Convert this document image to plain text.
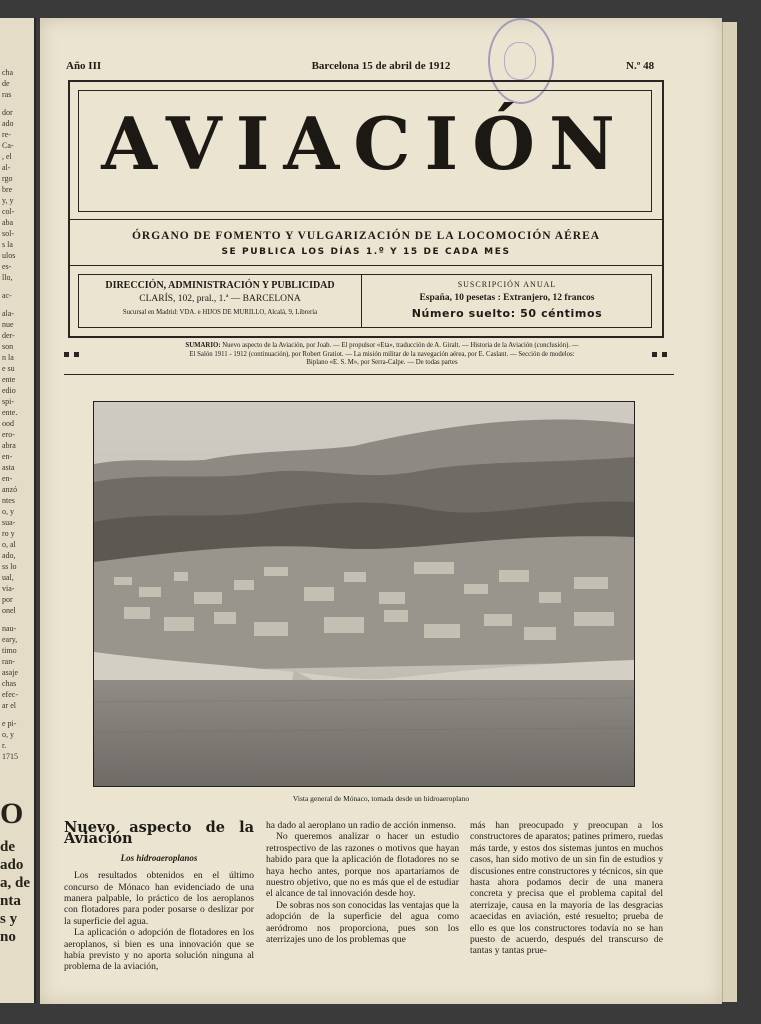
cha
de
ras
dor
ado
re-
Ca-
, el
al-
rgo
bre
y, y
col-
aba
sol-
s la
ulos
es-
llo,
ac-
ala-
nue
der-
son
n la
e su
ente
edio
spi-
ente.
ood
ero-
abra
en-
asta
en-
anzó
ntes
o, y
sua-
ro y
o, al
ado,
ss lo
ual,
via-
por
onel
nau-
eary,
timo
ran-
asaje
chas
efec-
ar el
e pi-
o, y
r.
1715
O
de
ado
a, de
nta
s y
no
Año III	Barcelona 15 de abril de 1912	N.º 48
AVIACIÓN
ÓRGANO DE FOMENTO Y VULGARIZACIÓN DE LA LOCOMOCIÓN AÉREA
SE PUBLICA LOS DÍAS 1.º Y 15 DE CADA MES
DIRECCIÓN, ADMINISTRACIÓN Y PUBLICIDAD
CLARÍS, 102, pral., 1.ª — BARCELONA
Sucursal en Madrid: VDA. e HIJOS DE MURILLO, Alcalá, 9, Librería
SUSCRIPCIÓN ANUAL
España, 10 pesetas : Extranjero, 12 francos
Número suelto: 50 céntimos
SUMARIO: Nuevo aspecto de la Aviación, por Joab. — El propulsor «Eta», traducción de A. Giralt. — Historia de la Aviación (conclusión). —
El Salón 1911 - 1912 (continuación), por Robert Gratiot. — La misión militar de la navegación aérea, por E. Caslant. — Sección de modelos:
Biplano «E. S. M», por Serra-Calpe. — De todas partes
Vista general de Mónaco, tomada desde un hidroaeroplano
Nuevo aspecto de la Aviación
Los hidroaeroplanos

Los resultados obtenidos en el último concurso de Mónaco han evidenciado de una manera palpable, lo práctico de los aeroplanos con flotadores para poder posarse o deslizar por la superficie del agua.

La aplicación o adopción de flotadores en los aeroplanos, si bien es una innovación que se había previsto y no aporta solución ninguna al problema de la aviación,

ha dado al aeroplano un radio de acción inmenso.

No queremos analizar o hacer un estudio retrospectivo de las razones o motivos que hayan habido para que la aplicación de flotadores no se haya hecho antes, porque nos apartaríamos de nuestro objetivo, que no es más que el de estudiar el alcance de tal innovación desde hoy.

De sobras nos son conocidas las ventajas que la adopción de la superficie del agua como aeródromo nos proporciona, pues son los aterrizajes uno de los problemas que

más han preocupado y preocupan a los constructores de aparatos; patines primero, ruedas más tarde, y estos dos sistemas juntos en muchos casos, han sido motivo de un sin fin de estudios y discusiones entre constructores y técnicos, sin que hasta ahora podamos decir de una manera concreta y precisa que el problema capital del aterrizaje, causa en la mayoría de las desgracias acaecidas en aviación, esté resuelto; prueba de ello es que los constructores todavía no se han puesto de acuerdo, después del transcurso de tantas y tantas prue-
